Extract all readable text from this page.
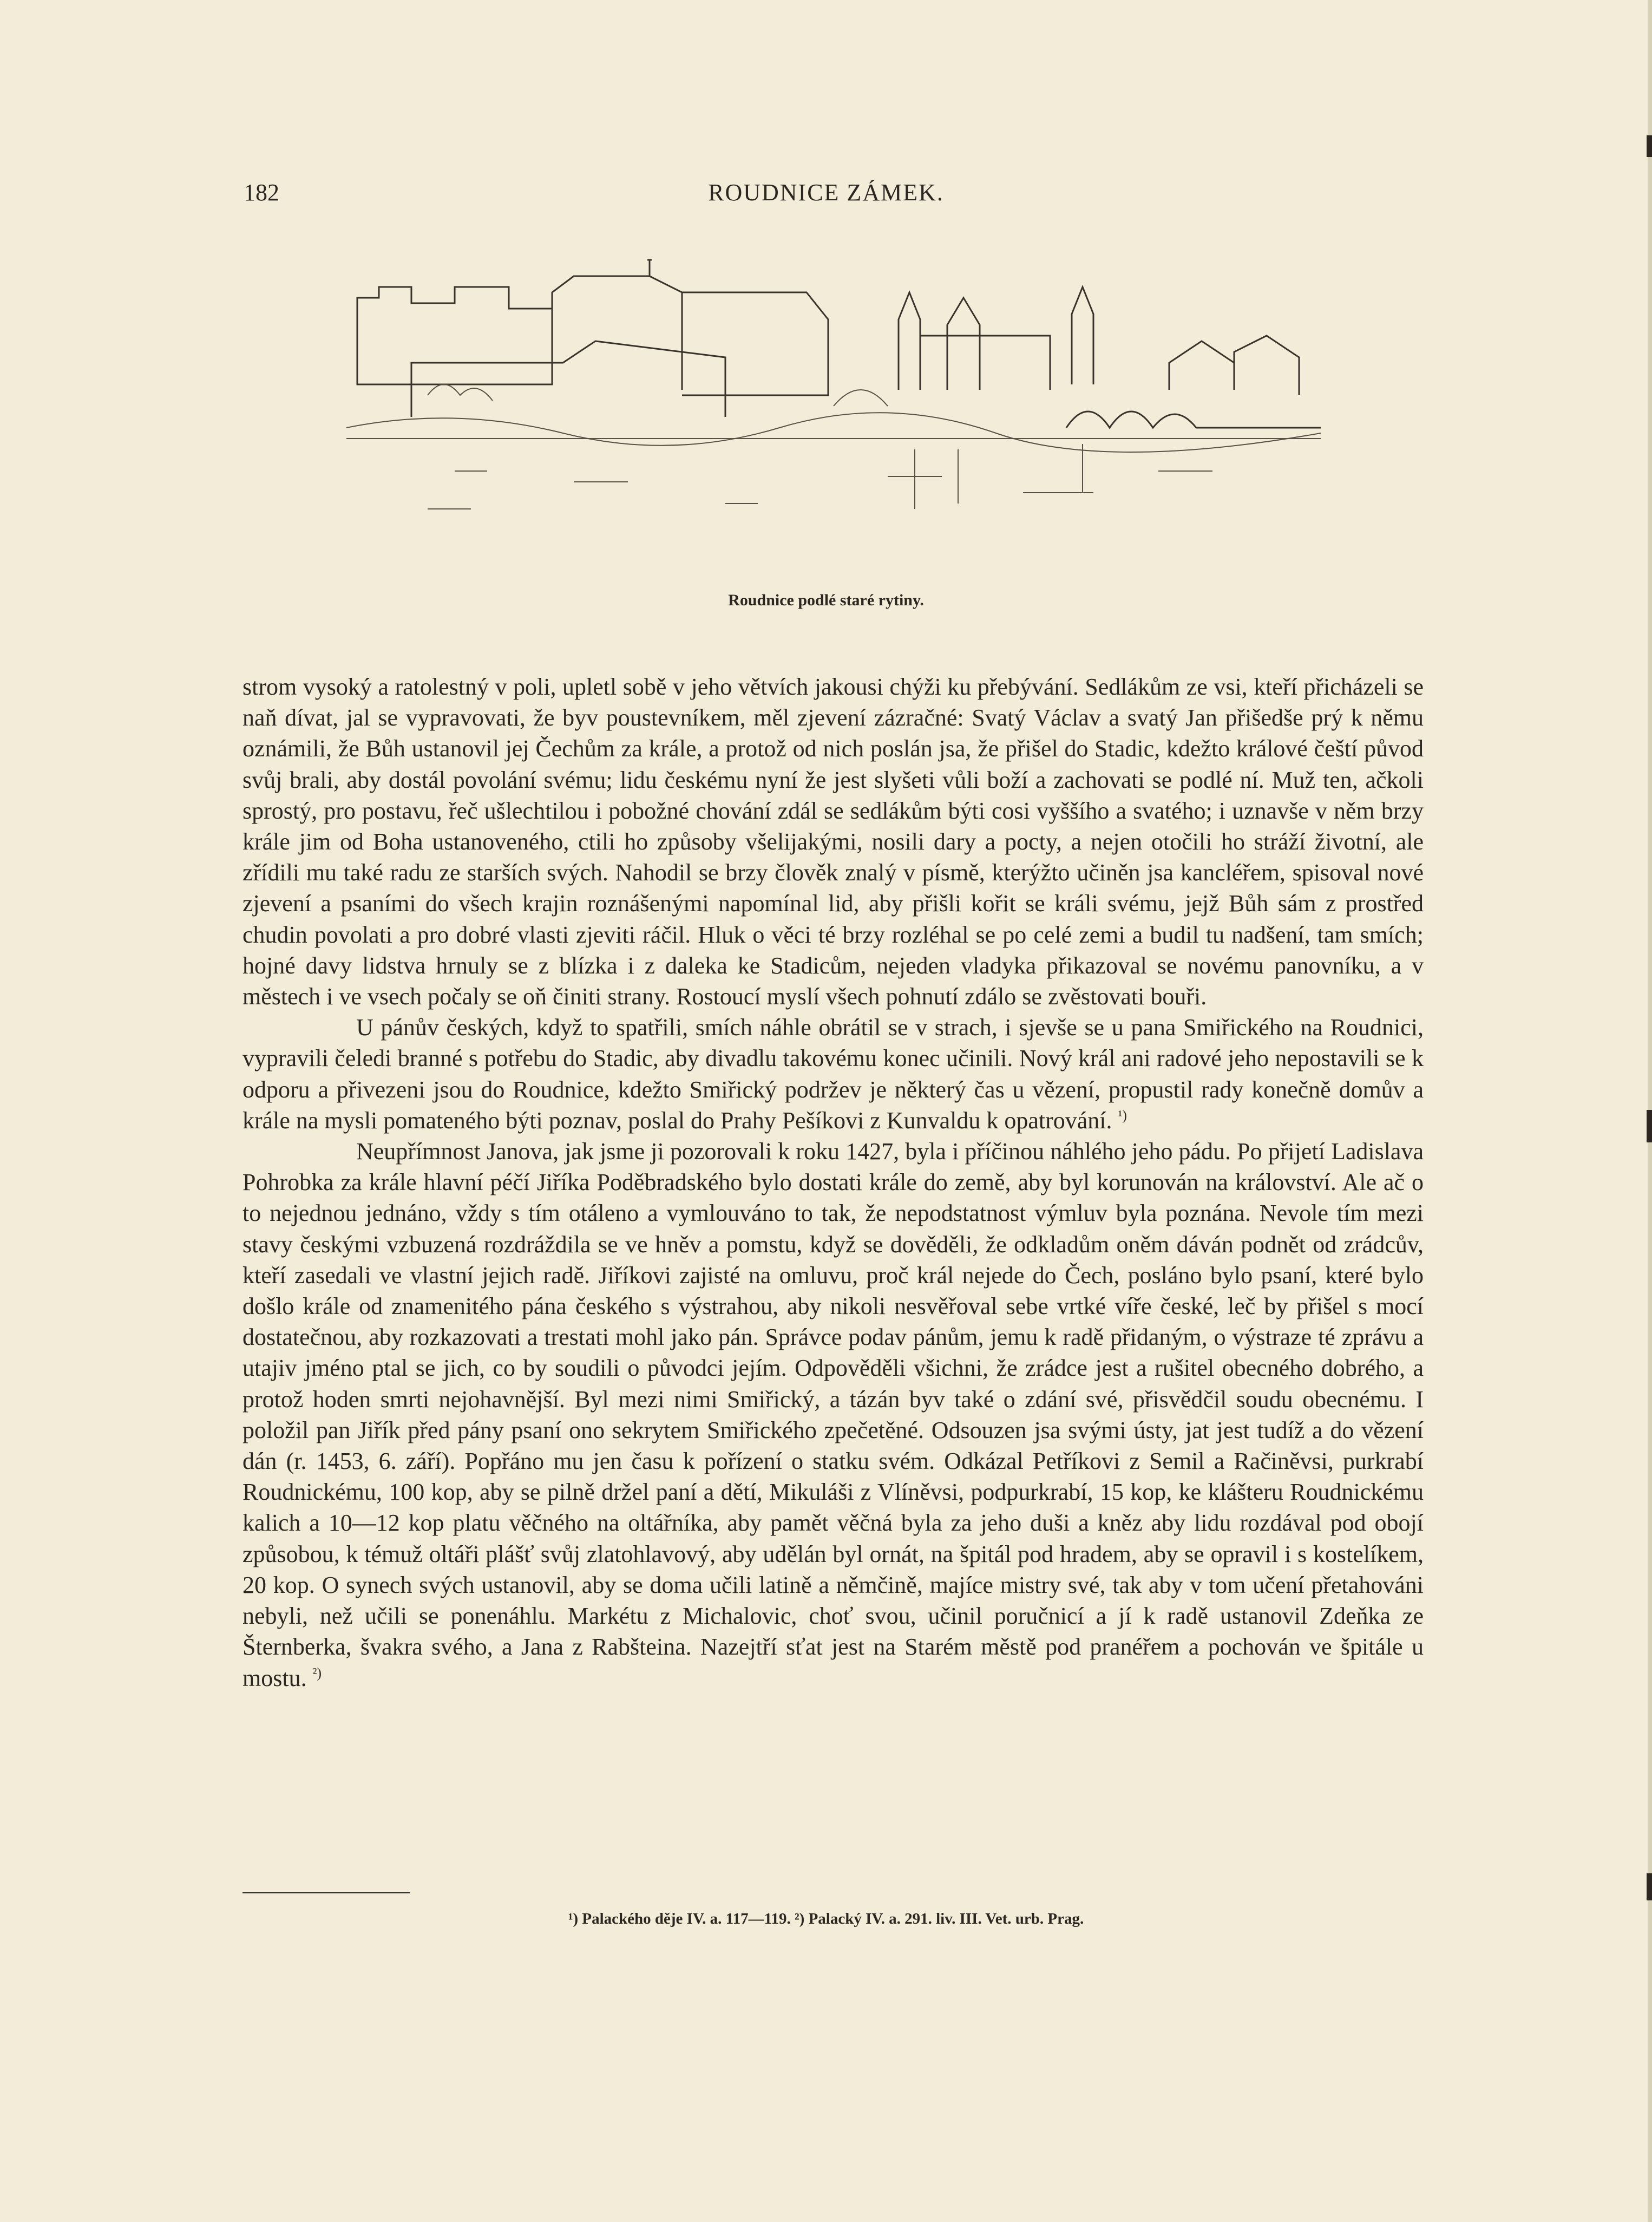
182	ROUDNICE ZÁMEK.
Roudnice podlé staré rytiny.

strom vysoký a ratolestný v poli, upletl sobě v jeho větvích jakousi chýži ku přebývání. Sedlákům ze vsi, kteří přicházeli se naň dívat, jal se vypravovati, že byv poustevníkem, měl zjevení zázračné: Svatý Václav a svatý Jan přišedše prý k němu oznámili, že Bůh ustanovil jej Čechům za krále, a protož od nich poslán jsa, že přišel do Stadic, kdežto králové čeští původ svůj brali, aby dostál povolání svému; lidu českému nyní že jest slyšeti vůli boží a zachovati se podlé ní. Muž ten, ačkoli sprostý, pro postavu, řeč ušlechtilou i pobožné chování zdál se sedlákům býti cosi vyššího a svatého; i uznavše v něm brzy krále jim od Boha ustanoveného, ctili ho způsoby všelijakými, nosili dary a pocty, a nejen otočili ho stráží životní, ale zřídili mu také radu ze starších svých. Nahodil se brzy člověk znalý v písmě, kterýžto učiněn jsa kancléřem, spisoval nové zjevení a psaními do všech krajin roznášenými napomínal lid, aby přišli kořit se králi svému, jejž Bůh sám z prostřed chudin povolati a pro dobré vlasti zjeviti ráčil. Hluk o věci té brzy rozléhal se po celé zemi a budil tu nadšení, tam smích; hojné davy lidstva hrnuly se z blízka i z daleka ke Stadicům, nejeden vladyka přikazoval se novému panovníku, a v městech i ve vsech počaly se oň činiti strany. Rostoucí myslí všech pohnutí zdálo se zvěstovati bouři.

U pánův českých, když to spatřili, smích náhle obrátil se v strach, i sjevše se u pana Smiřického na Roudnici, vypravili čeledi branné s potřebu do Stadic, aby divadlu takovému konec učinili. Nový král ani radové jeho nepostavili se k odporu a přivezeni jsou do Roudnice, kdežto Smiřický podržev je některý čas u vězení, propustil rady konečně domův a krále na mysli pomateného býti poznav, poslal do Prahy Pešíkovi z Kunvaldu k opatrování. $^{^1)}$

Neupřímnost Janova, jak jsme ji pozorovali k roku 1427, byla i příčinou náhlého jeho pádu. Po přijetí Ladislava Pohrobka za krále hlavní péčí Jiříka Poděbradského bylo dostati krále do země, aby byl korunován na království. Ale ač o to nejednou jednáno, vždy s tím otáleno a vymlouváno to tak, že nepodstatnost výmluv byla poznána. Nevole tím mezi stavy českými vzbuzená rozdráždila se ve hněv a pomstu, když se dověděli, že odkladům oněm dáván podnět od zrádcův, kteří zasedali ve vlastní jejich radě. Jiříkovi zajisté na omluvu, proč král nejede do Čech, posláno bylo psaní, které bylo došlo krále od znamenitého pána českého s výstrahou, aby nikoli nesvěřoval sebe vrtké víře české, leč by přišel s mocí dostatečnou, aby rozkazovati a trestati mohl jako pán. Správce podav pánům, jemu k radě přidaným, o výstraze té zprávu a utajiv jméno ptal se jich, co by soudili o původci jejím. Odpověděli všichni, že zrádce jest a rušitel obecného dobrého, a protož hoden smrti nejohavnější. Byl mezi nimi Smiřický, a tázán byv také o zdání své, přisvědčil soudu obecnému. I položil pan Jiřík před pány psaní ono sekrytem Smiřického zpečetěné. Odsouzen jsa svými ústy, jat jest tudíž a do vězení dán (r. 1453, 6. září). Popřáno mu jen času k pořízení o statku svém. Odkázal Petříkovi z Semil a Račiněvsi, purkrabí Roudnickému, 100 kop, aby se pilně držel paní a dětí, Mikuláši z Vlíněvsi, podpurkrabí, 15 kop, ke klášteru Roudnickému kalich a 10—12 kop platu věčného na oltářníka, aby pamět věčná byla za jeho duši a kněz aby lidu rozdával pod obojí způsobou, k témuž oltáři plášť svůj zlatohlavový, aby udělán byl ornát, na špitál pod hradem, aby se opravil i s kostelíkem, 20 kop. O synech svých ustanovil, aby se doma učili latině a němčině, majíce mistry své, tak aby v tom učení přetahováni nebyli, než učili se ponenáhlu. Markétu z Michalovic, choť svou, učinil poručnicí a jí k radě ustanovil Zdeňka ze Šternberka, švakra svého, a Jana z Rabšteina. Nazejtří sťat jest na Starém městě pod pranéřem a pochován ve špitále u mostu. $^{^2)}$

¹) Palackého děje IV. a. 117—119. ²) Palacký IV. a. 291. liv. III. Vet. urb. Prag.
